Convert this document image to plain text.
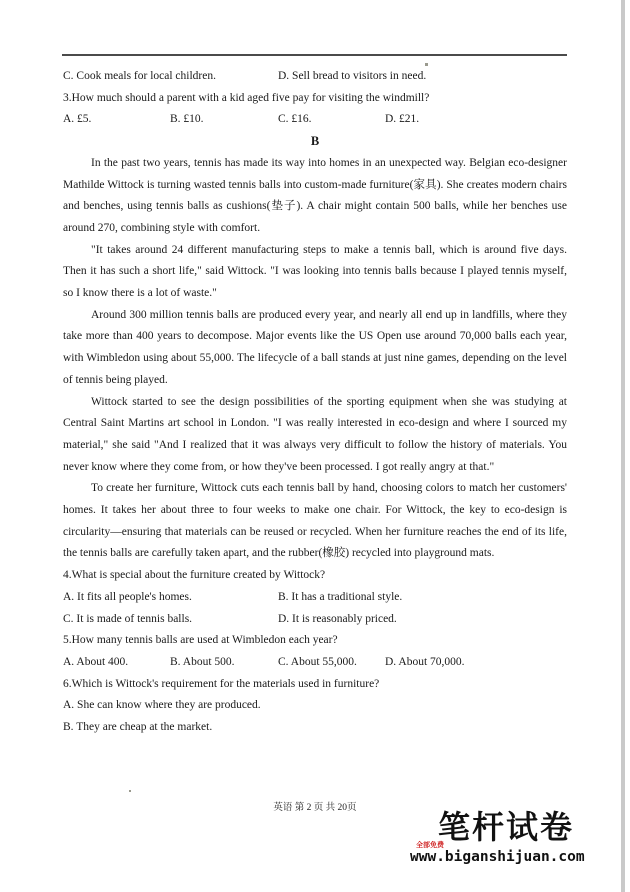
C. Cook meals for local children.	D. Sell bread to visitors in need.
3.How much should a parent with a kid aged five pay for visiting the windmill?
A. £5.	B. £10.	C. £16.	D. £21.
B
In the past two years, tennis has made its way into homes in an unexpected way. Belgian eco-designer Mathilde Wittock is turning wasted tennis balls into custom-made furniture(家具). She creates modern chairs and benches, using tennis balls as cushions(垫子). A chair might contain 500 balls, while her benches use around 270, combining style with comfort.
"It takes around 24 different manufacturing steps to make a tennis ball, which is around five days. Then it has such a short life," said Wittock. "I was looking into tennis balls because I played tennis myself, so I know there is a lot of waste."
Around 300 million tennis balls are produced every year, and nearly all end up in landfills, where they take more than 400 years to decompose. Major events like the US Open use around 70,000 balls each year, with Wimbledon using about 55,000. The lifecycle of a ball stands at just nine games, depending on the level of tennis being played.
Wittock started to see the design possibilities of the sporting equipment when she was studying at Central Saint Martins art school in London. "I was really interested in eco-design and where I sourced my material," she said "And I realized that it was always very difficult to follow the history of materials. You never know where they come from, or how they've been processed. I got really angry at that."
To create her furniture, Wittock cuts each tennis ball by hand, choosing colors to match her customers' homes. It takes her about three to four weeks to make one chair. For Wittock, the key to eco-design is circularity—ensuring that materials can be reused or recycled. When her furniture reaches the end of its life, the tennis balls are carefully taken apart, and the rubber(橡胶) recycled into playground mats.
4.What is special about the furniture created by Wittock?
A. It fits all people's homes.	B. It has a traditional style.
C. It is made of tennis balls.	D. It is reasonably priced.
5.How many tennis balls are used at Wimbledon each year?
A. About 400.	B. About 500.	C. About 55,000.	D. About 70,000.
6.Which is Wittock's requirement for the materials used in furniture?
A. She can know where they are produced.
B. They are cheap at the market.
英语 第 2 页 共 20页	笔杆试卷
全部免费
www.biganshijuan.com
